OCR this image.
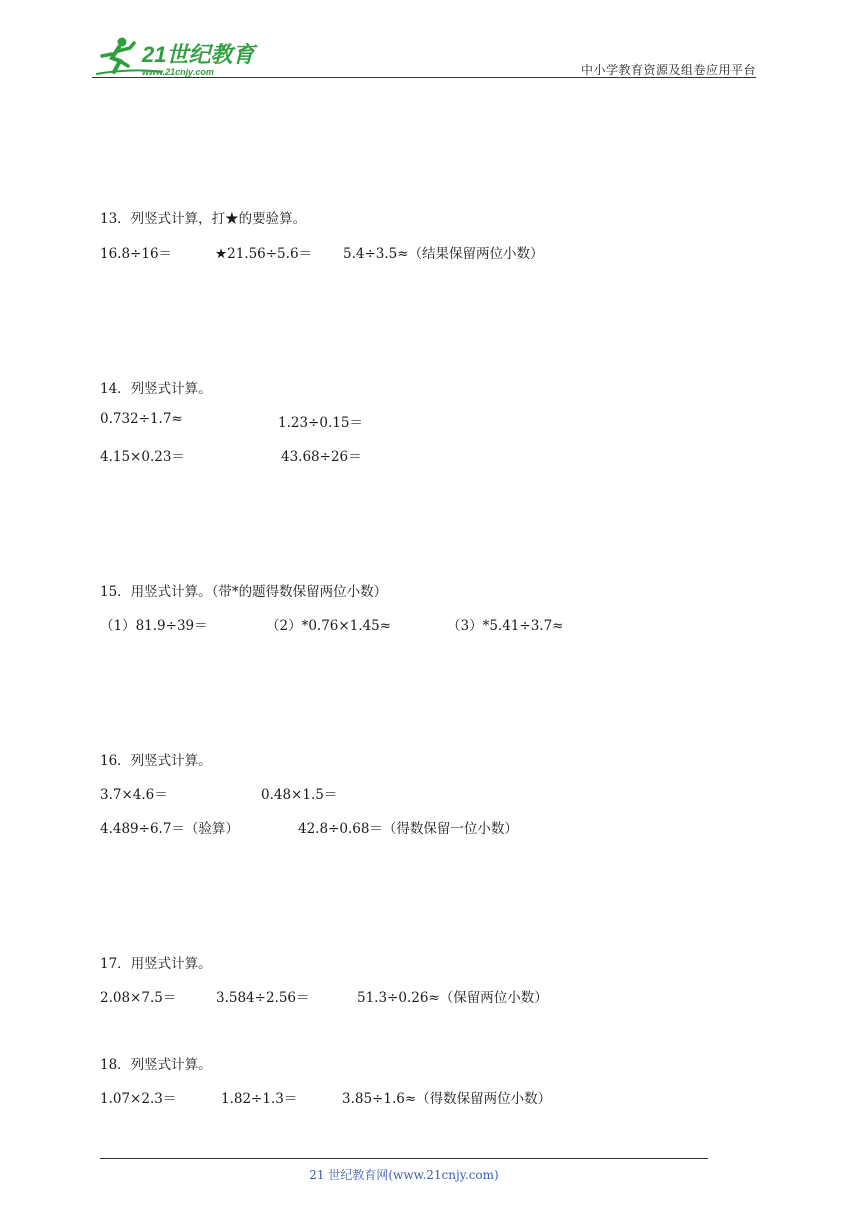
21世纪教育
www.21cnjy.com	中小学教育资源及组卷应用平台
13．列竖式计算，打★的要验算。
16.8÷16＝	★21.56÷5.6＝ 5.4÷3.5≈（结果保留两位小数）
14．列竖式计算。
0.732÷1.7≈	1.23÷0.15＝
4.15×0.23＝	43.68÷26＝
15．用竖式计算。（带*的题得数保留两位小数）
（1）81.9÷39＝	（2）*0.76×1.45≈	（3）*5.41÷3.7≈
16．列竖式计算。
3.7×4.6＝	0.48×1.5＝
4.489÷6.7＝（验算）	42.8÷0.68＝（得数保留一位小数）
17．用竖式计算。
2.08×7.5＝	3.584÷2.56＝	51.3÷0.26≈（保留两位小数）
18．列竖式计算。
1.07×2.3＝	1.82÷1.3＝	3.85÷1.6≈（得数保留两位小数）
21 世纪教育网(www.21cnjy.com)
